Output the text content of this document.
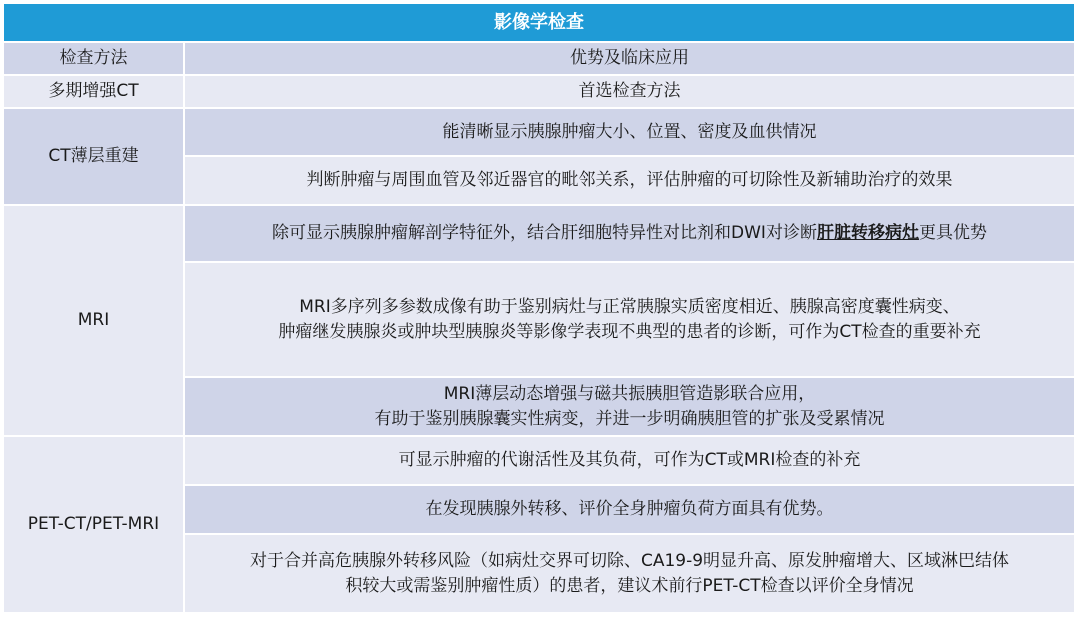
影像学检查
检查方法	优势及临床应用
多期增强CT	首选检查方法
CT薄层重建
能清晰显示胰腺肿瘤大小、位置、密度及血供情况
判断肿瘤与周围血管及邻近器官的毗邻关系，评估肿瘤的可切除性及新辅助治疗的效果
MRI
除可显示胰腺肿瘤解剖学特征外，结合肝细胞特异性对比剂和DWI对诊断肝脏转移病灶更具优势
MRI多序列多参数成像有助于鉴别病灶与正常胰腺实质密度相近、胰腺高密度囊性病变、
肿瘤继发胰腺炎或肿块型胰腺炎等影像学表现不典型的患者的诊断，可作为CT检查的重要补充
MRI薄层动态增强与磁共振胰胆管造影联合应用，
有助于鉴别胰腺囊实性病变，并进一步明确胰胆管的扩张及受累情况
PET-CT/PET-MRI
可显示肿瘤的代谢活性及其负荷，可作为CT或MRI检查的补充
在发现胰腺外转移、评价全身肿瘤负荷方面具有优势。
对于合并高危胰腺外转移风险（如病灶交界可切除、CA19-9明显升高、原发肿瘤增大、区域淋巴结体
积较大或需鉴别肿瘤性质）的患者，建议术前行PET-CT检查以评价全身情况
